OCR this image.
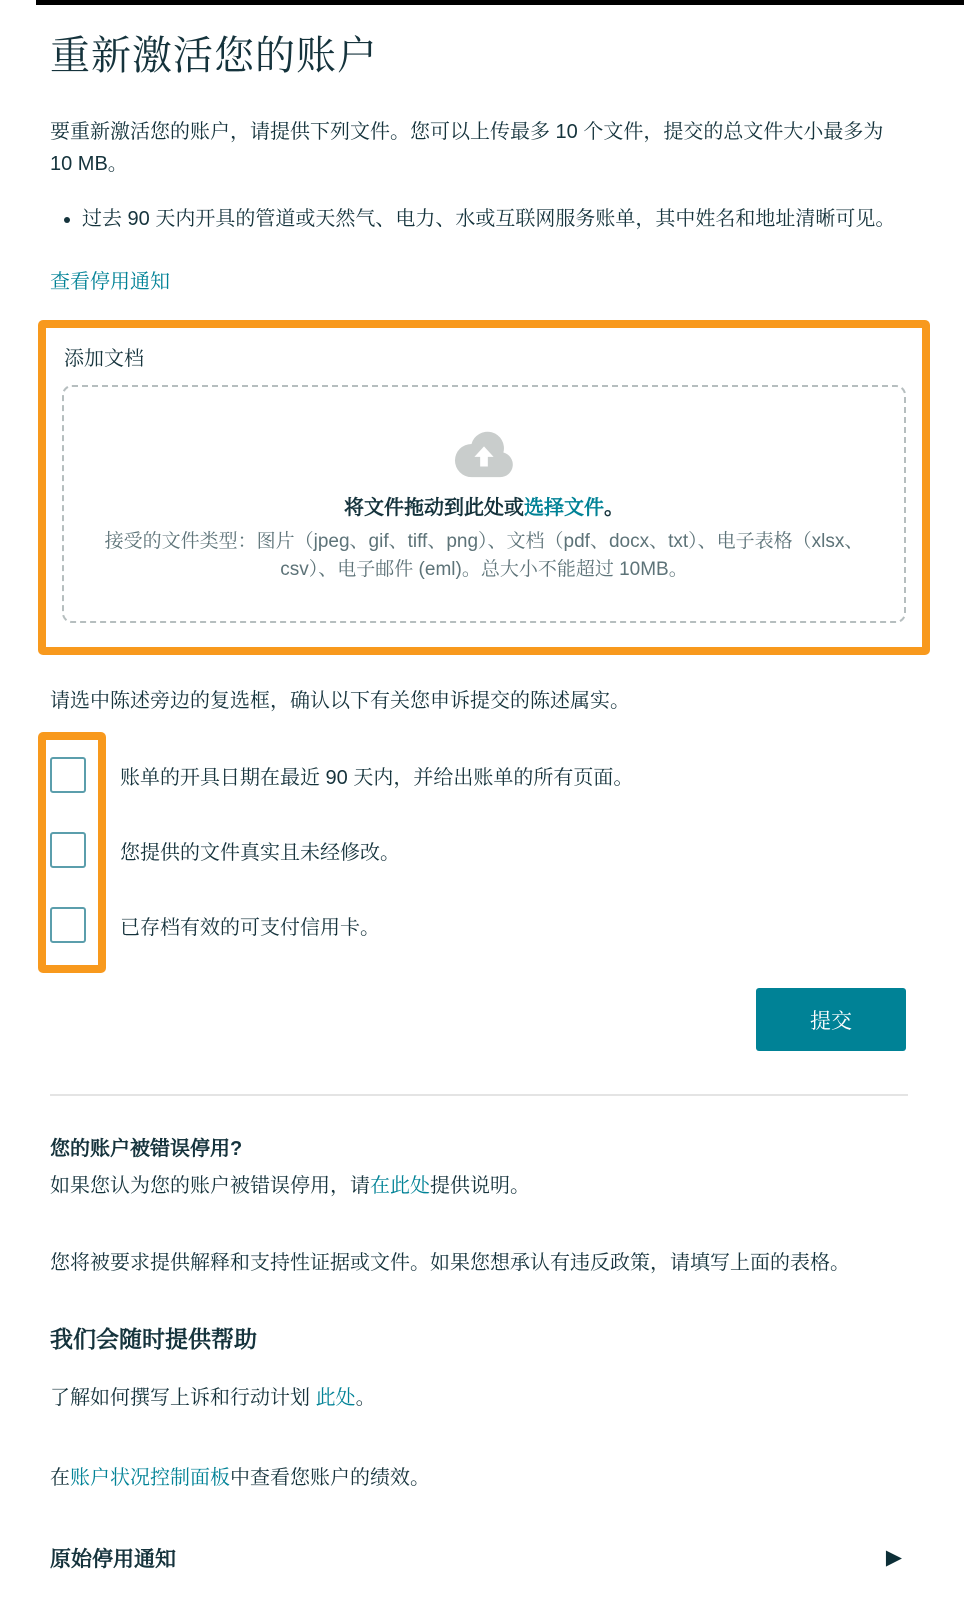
重新激活您的账户

要重新激活您的账户，请提供下列文件。您可以上传最多 10 个文件，提交的总文件大小最多为 10 MB。

• 过去 90 天内开具的管道或天然气、电力、水或互联网服务账单，其中姓名和地址清晰可见。
查看停用通知
添加文档
将文件拖动到此处或选择文件。
接受的文件类型：图片（jpeg、gif、tiff、png）、文档（pdf、docx、txt）、电子表格（xlsx、csv）、电子邮件 (eml)。总大小不能超过 10MB。

请选中陈述旁边的复选框，确认以下有关您申诉提交的陈述属实。

账单的开具日期在最近 90 天内，并给出账单的所有页面。
您提供的文件真实且未经修改。
已存档有效的可支付信用卡。
提交
您的账户被错误停用?

如果您认为您的账户被错误停用，请在此处提供说明。

您将被要求提供解释和支持性证据或文件。如果您想承认有违反政策，请填写上面的表格。

我们会随时提供帮助

了解如何撰写上诉和行动计划 此处。

在账户状况控制面板中查看您账户的绩效。

原始停用通知	▶
